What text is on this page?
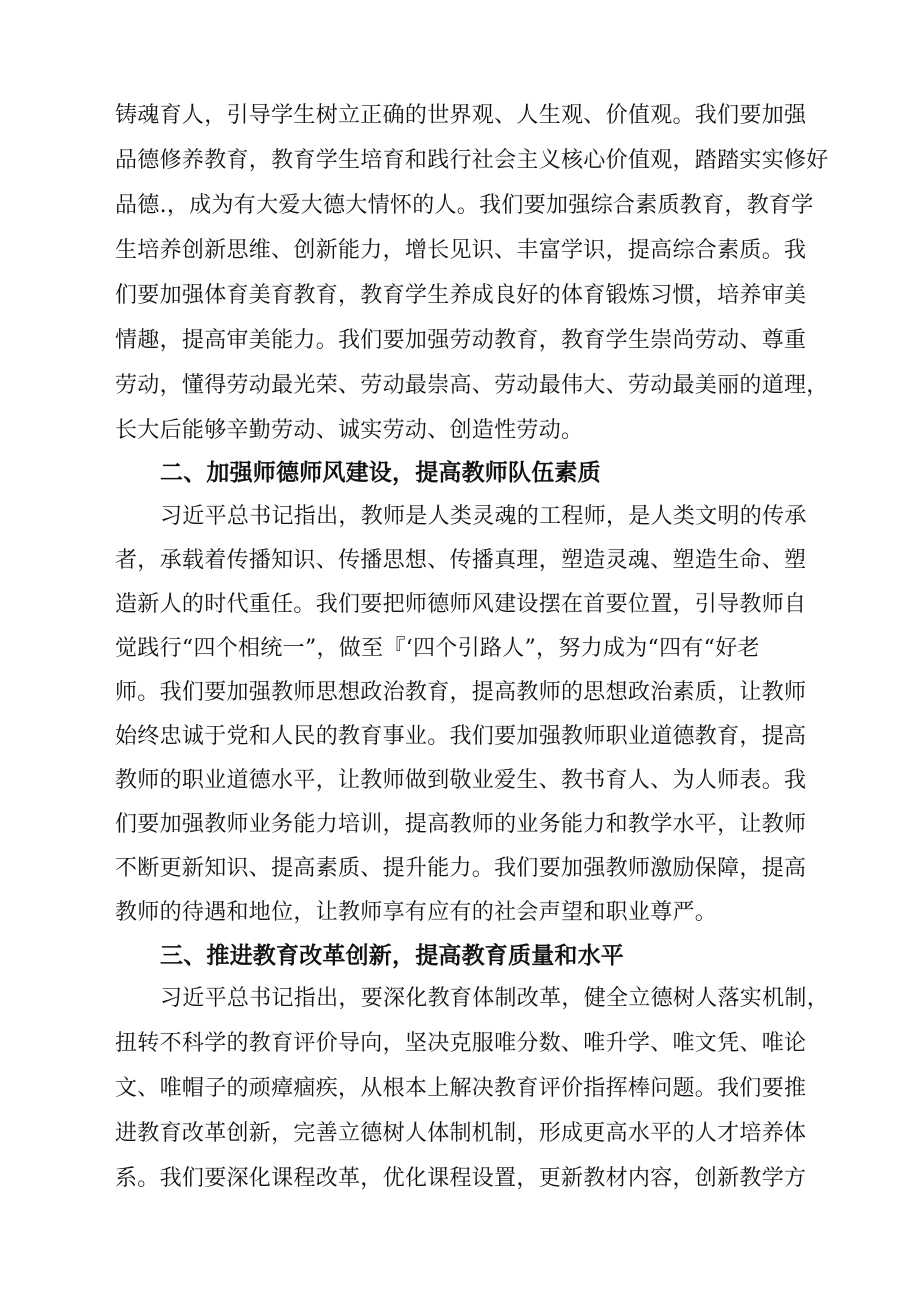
铸魂育人，引导学生树立正确的世界观、人生观、价值观。我们要加强
品德修养教育，教育学生培育和践行社会主义核心价值观，踏踏实实修好
品德.，成为有大爱大德大情怀的人。我们要加强综合素质教育，教育学
生培养创新思维、创新能力，增长见识、丰富学识，提高综合素质。我
们要加强体育美育教育，教育学生养成良好的体育锻炼习惯，培养审美
情趣，提高审美能力。我们要加强劳动教育，教育学生崇尚劳动、尊重
劳动，懂得劳动最光荣、劳动最崇高、劳动最伟大、劳动最美丽的道理，
长大后能够辛勤劳动、诚实劳动、创造性劳动。
二、加强师德师风建设，提高教师队伍素质
习近平总书记指出，教师是人类灵魂的工程师，是人类文明的传承
者，承载着传播知识、传播思想、传播真理，塑造灵魂、塑造生命、塑
造新人的时代重任。我们要把师德师风建设摆在首要位置，引导教师自
觉践行“四个相统一”，做至『‘四个引路人”，努力成为“四有“好老
师。我们要加强教师思想政治教育，提高教师的思想政治素质，让教师
始终忠诚于党和人民的教育事业。我们要加强教师职业道德教育，提高
教师的职业道德水平，让教师做到敬业爱生、教书育人、为人师表。我
们要加强教师业务能力培训，提高教师的业务能力和教学水平，让教师
不断更新知识、提高素质、提升能力。我们要加强教师激励保障，提高
教师的待遇和地位，让教师享有应有的社会声望和职业尊严。
三、推进教育改革创新，提高教育质量和水平
习近平总书记指出，要深化教育体制改革，健全立德树人落实机制，
扭转不科学的教育评价导向，坚决克服唯分数、唯升学、唯文凭、唯论
文、唯帽子的顽瘴痼疾，从根本上解决教育评价指挥棒问题。我们要推
进教育改革创新，完善立德树人体制机制，形成更高水平的人才培养体
系。我们要深化课程改革，优化课程设置，更新教材内容，创新教学方
